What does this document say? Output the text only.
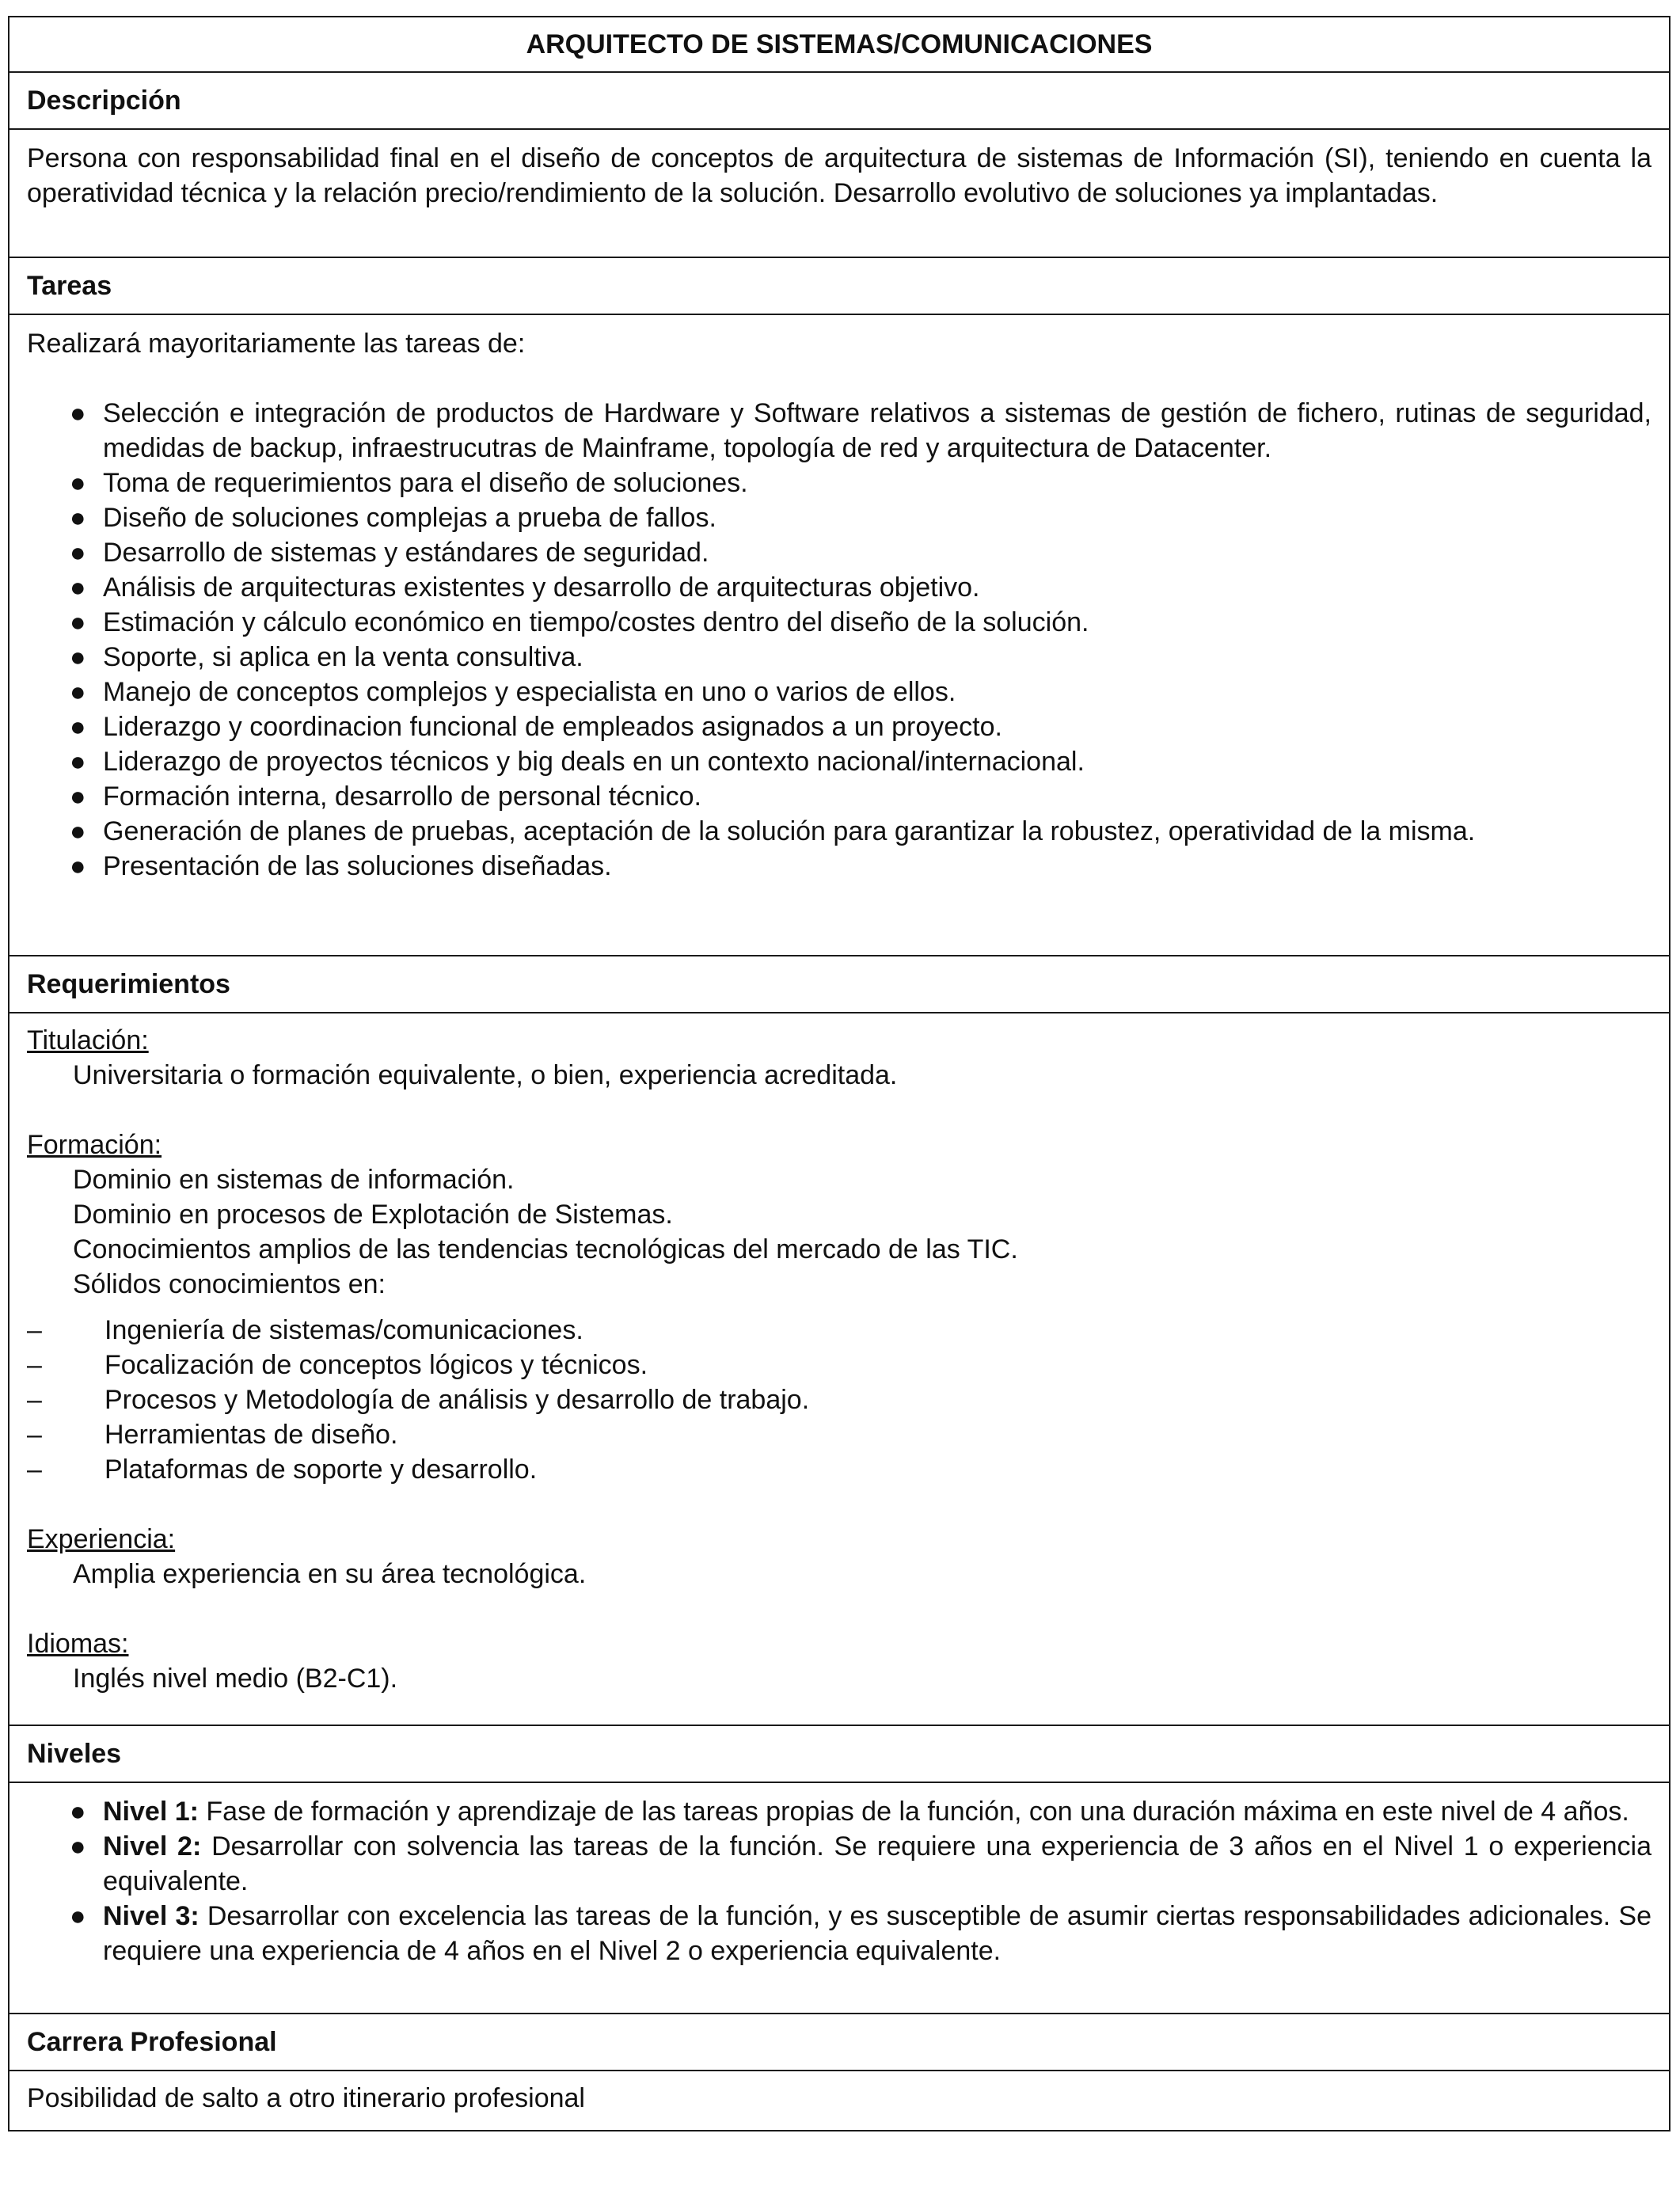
ARQUITECTO DE SISTEMAS/COMUNICACIONES
Descripción
Persona con responsabilidad final en el diseño de conceptos de arquitectura de sistemas de Información (SI), teniendo en cuenta la operatividad técnica y la relación precio/rendimiento de la solución. Desarrollo evolutivo de soluciones ya implantadas.
Tareas
Realizará mayoritariamente las tareas de:
● Selección e integración de productos de Hardware y Software relativos a sistemas de gestión de fichero, rutinas de seguridad, medidas de backup, infraestrucutras de Mainframe, topología de red y arquitectura de Datacenter.
● Toma de requerimientos para el diseño de soluciones.
● Diseño de soluciones complejas a prueba de fallos.
● Desarrollo de sistemas y estándares de seguridad.
● Análisis de arquitecturas existentes y desarrollo de arquitecturas objetivo.
● Estimación y cálculo económico en tiempo/costes dentro del diseño de la solución.
● Soporte, si aplica en la venta consultiva.
● Manejo de conceptos complejos y especialista en uno o varios de ellos.
● Liderazgo y coordinacion funcional de empleados asignados a un proyecto.
● Liderazgo de proyectos técnicos y big deals en un contexto nacional/internacional.
● Formación interna, desarrollo de personal técnico.
● Generación de planes de pruebas, aceptación de la solución para garantizar la robustez, operatividad de la misma.
● Presentación de las soluciones diseñadas.
Requerimientos
Titulación:
Universitaria o formación equivalente, o bien, experiencia acreditada.
Formación:
Dominio en sistemas de información.
Dominio en procesos de Explotación de Sistemas.
Conocimientos amplios de las tendencias tecnológicas del mercado de las TIC.
Sólidos conocimientos en:
– Ingeniería de sistemas/comunicaciones.
– Focalización de conceptos lógicos y técnicos.
– Procesos y Metodología de análisis y desarrollo de trabajo.
– Herramientas de diseño.
– Plataformas de soporte y desarrollo.
Experiencia:
Amplia experiencia en su área tecnológica.
Idiomas:
Inglés nivel medio (B2-C1).
Niveles
● Nivel 1: Fase de formación y aprendizaje de las tareas propias de la función, con una duración máxima en este nivel de 4 años.
● Nivel 2: Desarrollar con solvencia las tareas de la función. Se requiere una experiencia de 3 años en el Nivel 1 o experiencia equivalente.
● Nivel 3: Desarrollar con excelencia las tareas de la función, y es susceptible de asumir ciertas responsabilidades adicionales. Se requiere una experiencia de 4 años en el Nivel 2 o experiencia equivalente.
Carrera Profesional
Posibilidad de salto a otro itinerario profesional
